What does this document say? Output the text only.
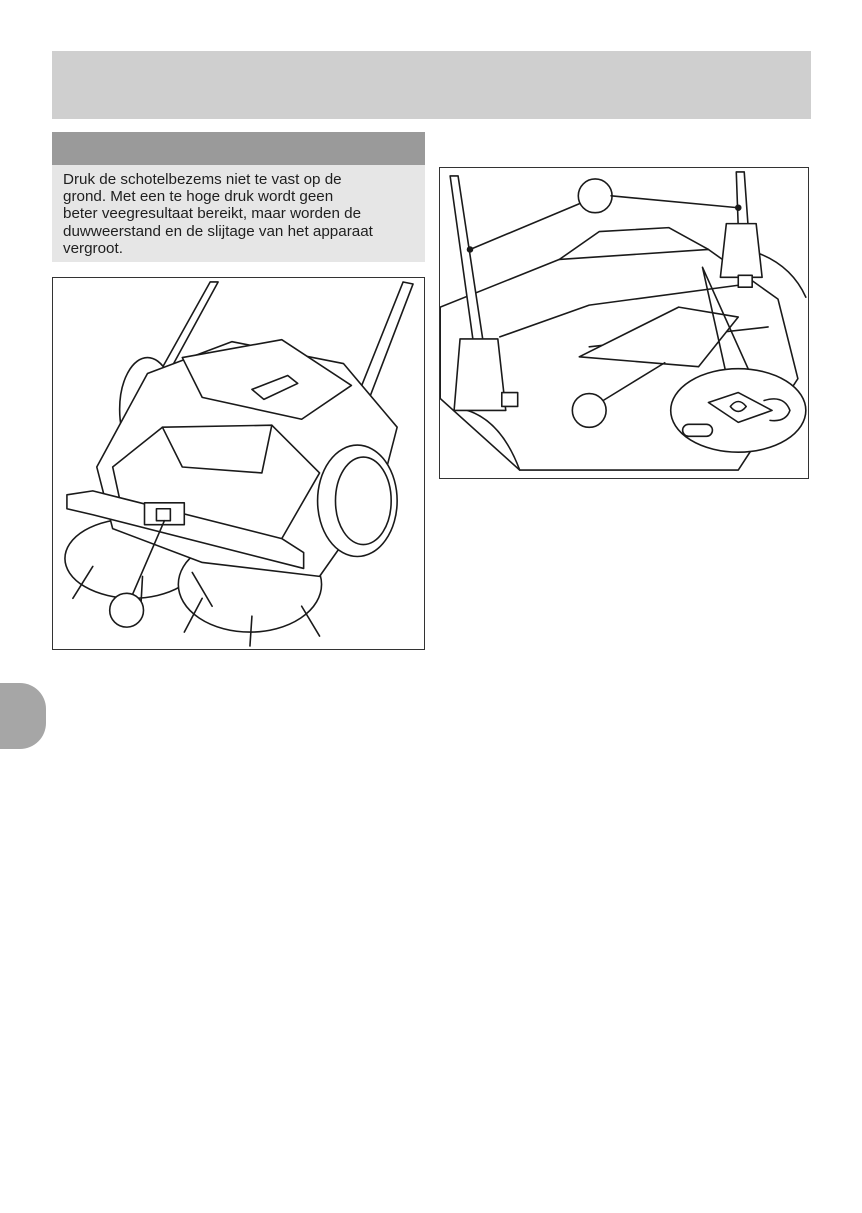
Druk de schotelbezems niet te vast op de
grond. Met een te hoge druk wordt geen
beter veegresultaat bereikt, maar worden de
duwweerstand en de slijtage van het apparaat
vergroot.
